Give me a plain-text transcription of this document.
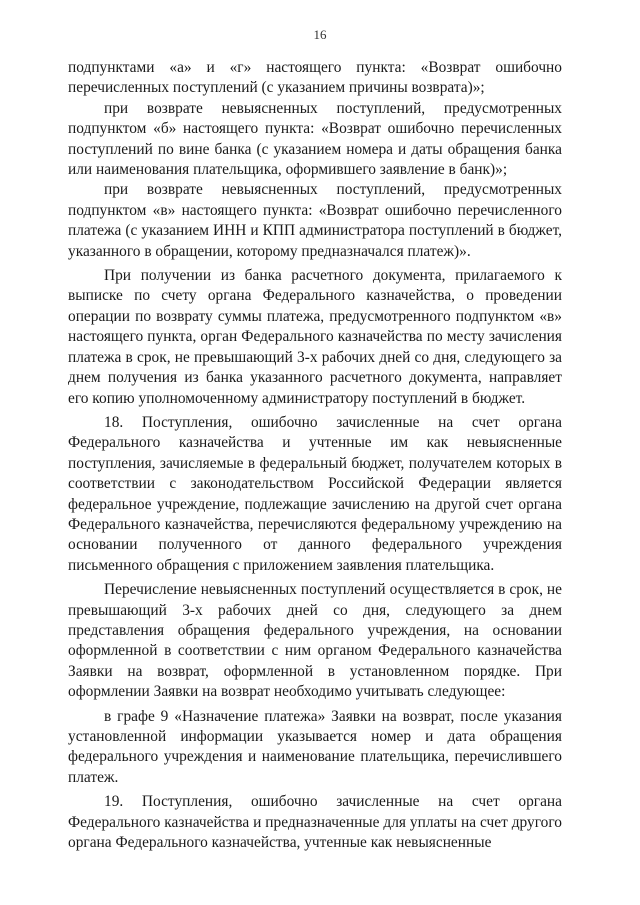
16

подпунктами «а» и «г» настоящего пункта: «Возврат ошибочно перечисленных поступлений (с указанием причины возврата)»;

при возврате невыясненных поступлений, предусмотренных подпунктом «б» настоящего пункта: «Возврат ошибочно перечисленных поступлений по вине банка (с указанием номера и даты обращения банка или наименования плательщика, оформившего заявление в банк)»;

при возврате невыясненных поступлений, предусмотренных подпунктом «в» настоящего пункта: «Возврат ошибочно перечисленного платежа (с указанием ИНН и КПП администратора поступлений в бюджет, указанного в обращении, которому предназначался платеж)».

При получении из банка расчетного документа, прилагаемого к выписке по счету органа Федерального казначейства, о проведении операции по возврату суммы платежа, предусмотренного подпунктом «в» настоящего пункта, орган Федерального казначейства по месту зачисления платежа в срок, не превышающий 3-х рабочих дней со дня, следующего за днем получения из банка указанного расчетного документа, направляет его копию уполномоченному администратору поступлений в бюджет.

18. Поступления, ошибочно зачисленные на счет органа Федерального казначейства и учтенные им как невыясненные поступления, зачисляемые в федеральный бюджет, получателем которых в соответствии с законодательством Российской Федерации является федеральное учреждение, подлежащие зачислению на другой счет органа Федерального казначейства, перечисляются федеральному учреждению на основании полученного от данного федерального учреждения письменного обращения с приложением заявления плательщика.

Перечисление невыясненных поступлений осуществляется в срок, не превышающий 3-х рабочих дней со дня, следующего за днем представления обращения федерального учреждения, на основании оформленной в соответствии с ним органом Федерального казначейства Заявки на возврат, оформленной в установленном порядке. При оформлении Заявки на возврат необходимо учитывать следующее:

в графе 9 «Назначение платежа» Заявки на возврат, после указания установленной информации указывается номер и дата обращения федерального учреждения и наименование плательщика, перечислившего платеж.

19. Поступления, ошибочно зачисленные на счет органа Федерального казначейства и предназначенные для уплаты на счет другого органа Федерального казначейства, учтенные как невыясненные
